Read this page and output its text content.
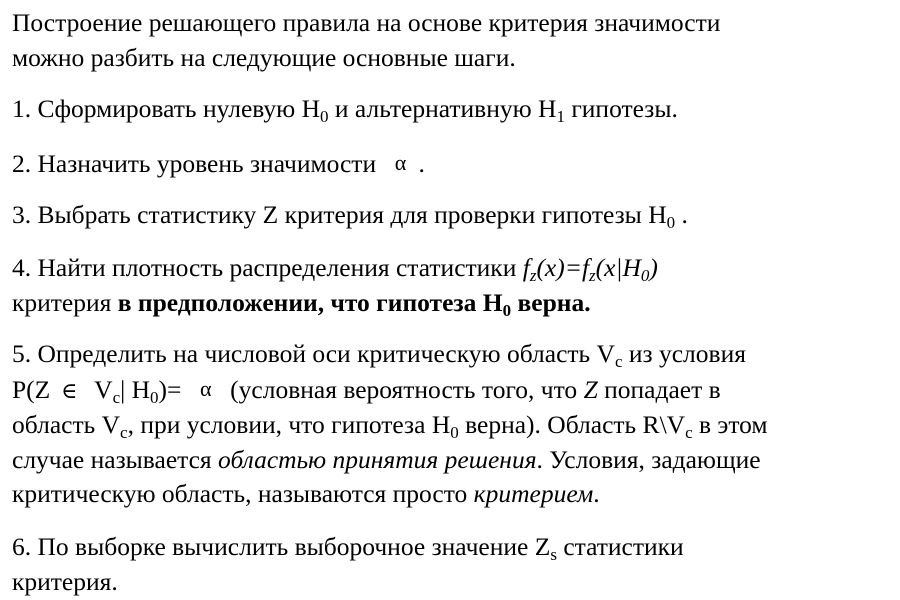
Построение решающего правила на основе критерия значимости
можно разбить на следующие основные шаги.

1. Сформировать нулевую $H_0$ и альтернативную $H_1$ гипотезы.

2. Назначить уровень значимости α .

3. Выбрать статистику Z критерия для проверки гипотезы $H_0$ .

4. Найти плотность распределения статистики $f_z(x)=f_z(x|H_0)$
критерия в предположении, что гипотеза $H_0$ верна.

5. Определить на числовой оси критическую область $V_c$ из условия
P(Z ∈ $V_c|$ $H_0)= \alpha$ (условная вероятность того, что Z попадает в
область $V_c$, при условии, что гипотеза $H_0$ верна). Область $R\backslash V_c$ в этом
случае называется областью принятия решения. Условия, задающие
критическую область, называются просто критерием.

6. По выборке вычислить выборочное значение $Z_s$ статистики
критерия.
